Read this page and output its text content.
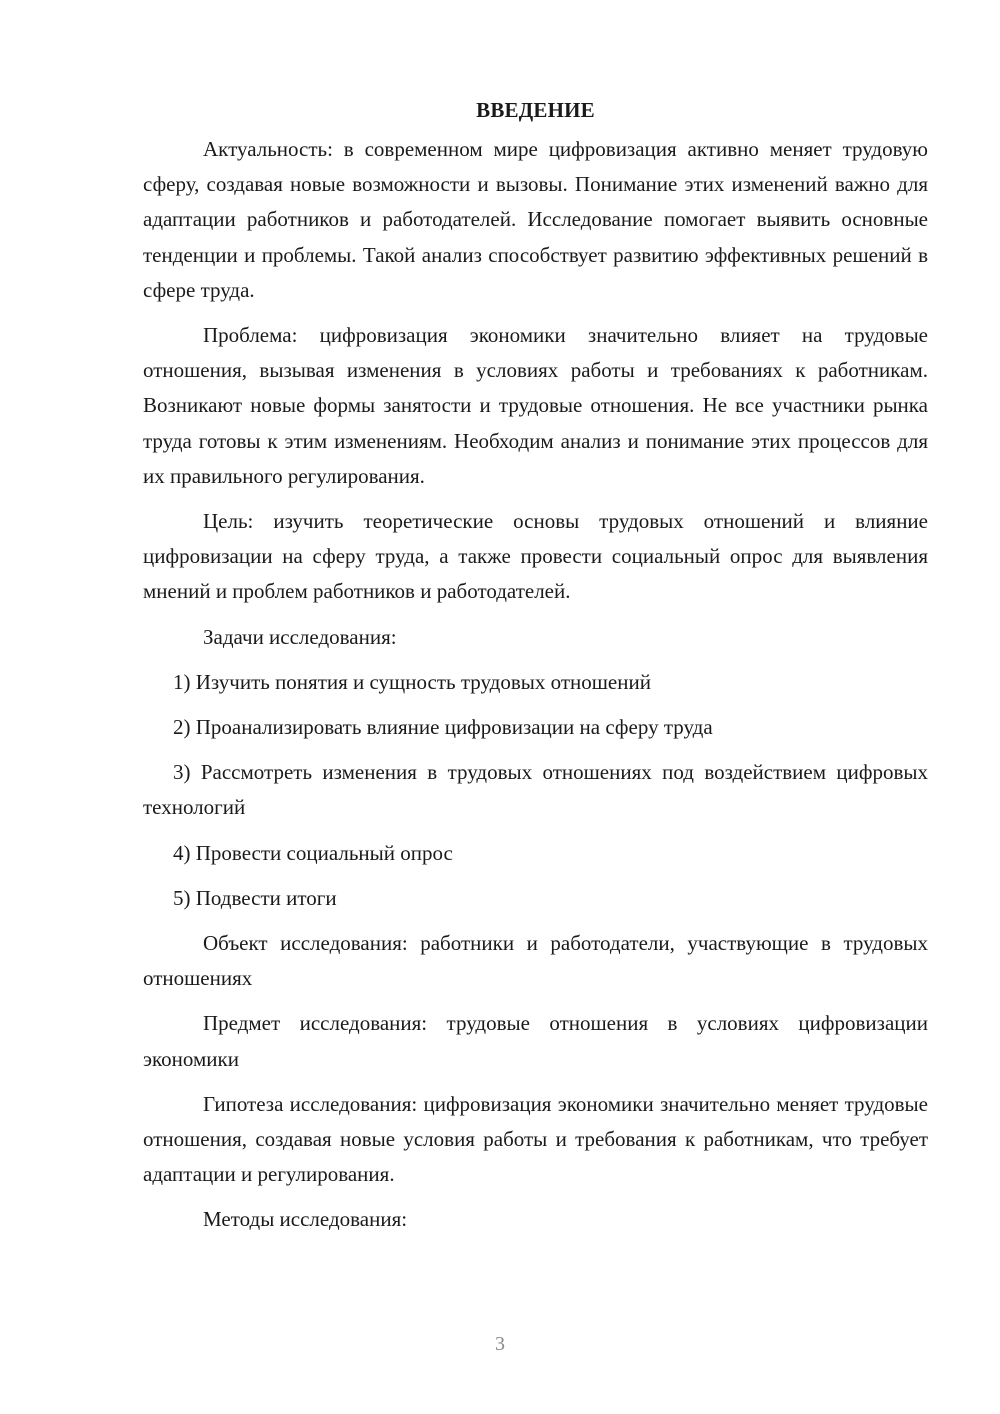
ВВЕДЕНИЕ

Актуальность: в современном мире цифровизация активно меняет трудовую сферу, создавая новые возможности и вызовы. Понимание этих изменений важно для адаптации работников и работодателей. Исследование помогает выявить основные тенденции и проблемы. Такой анализ способствует развитию эффективных решений в сфере труда.

Проблема: цифровизация экономики значительно влияет на трудовые отношения, вызывая изменения в условиях работы и требованиях к работникам. Возникают новые формы занятости и трудовые отношения. Не все участники рынка труда готовы к этим изменениям. Необходим анализ и понимание этих процессов для их правильного регулирования.

Цель: изучить теоретические основы трудовых отношений и влияние цифровизации на сферу труда, а также провести социальный опрос для выявления мнений и проблем работников и работодателей.

Задачи исследования:

1) Изучить понятия и сущность трудовых отношений

2) Проанализировать влияние цифровизации на сферу труда

3) Рассмотреть изменения в трудовых отношениях под воздействием цифровых технологий

4) Провести социальный опрос

5) Подвести итоги

Объект исследования: работники и работодатели, участвующие в трудовых отношениях

Предмет исследования: трудовые отношения в условиях цифровизации экономики

Гипотеза исследования: цифровизация экономики значительно меняет трудовые отношения, создавая новые условия работы и требования к работникам, что требует адаптации и регулирования.

Методы исследования:

3
